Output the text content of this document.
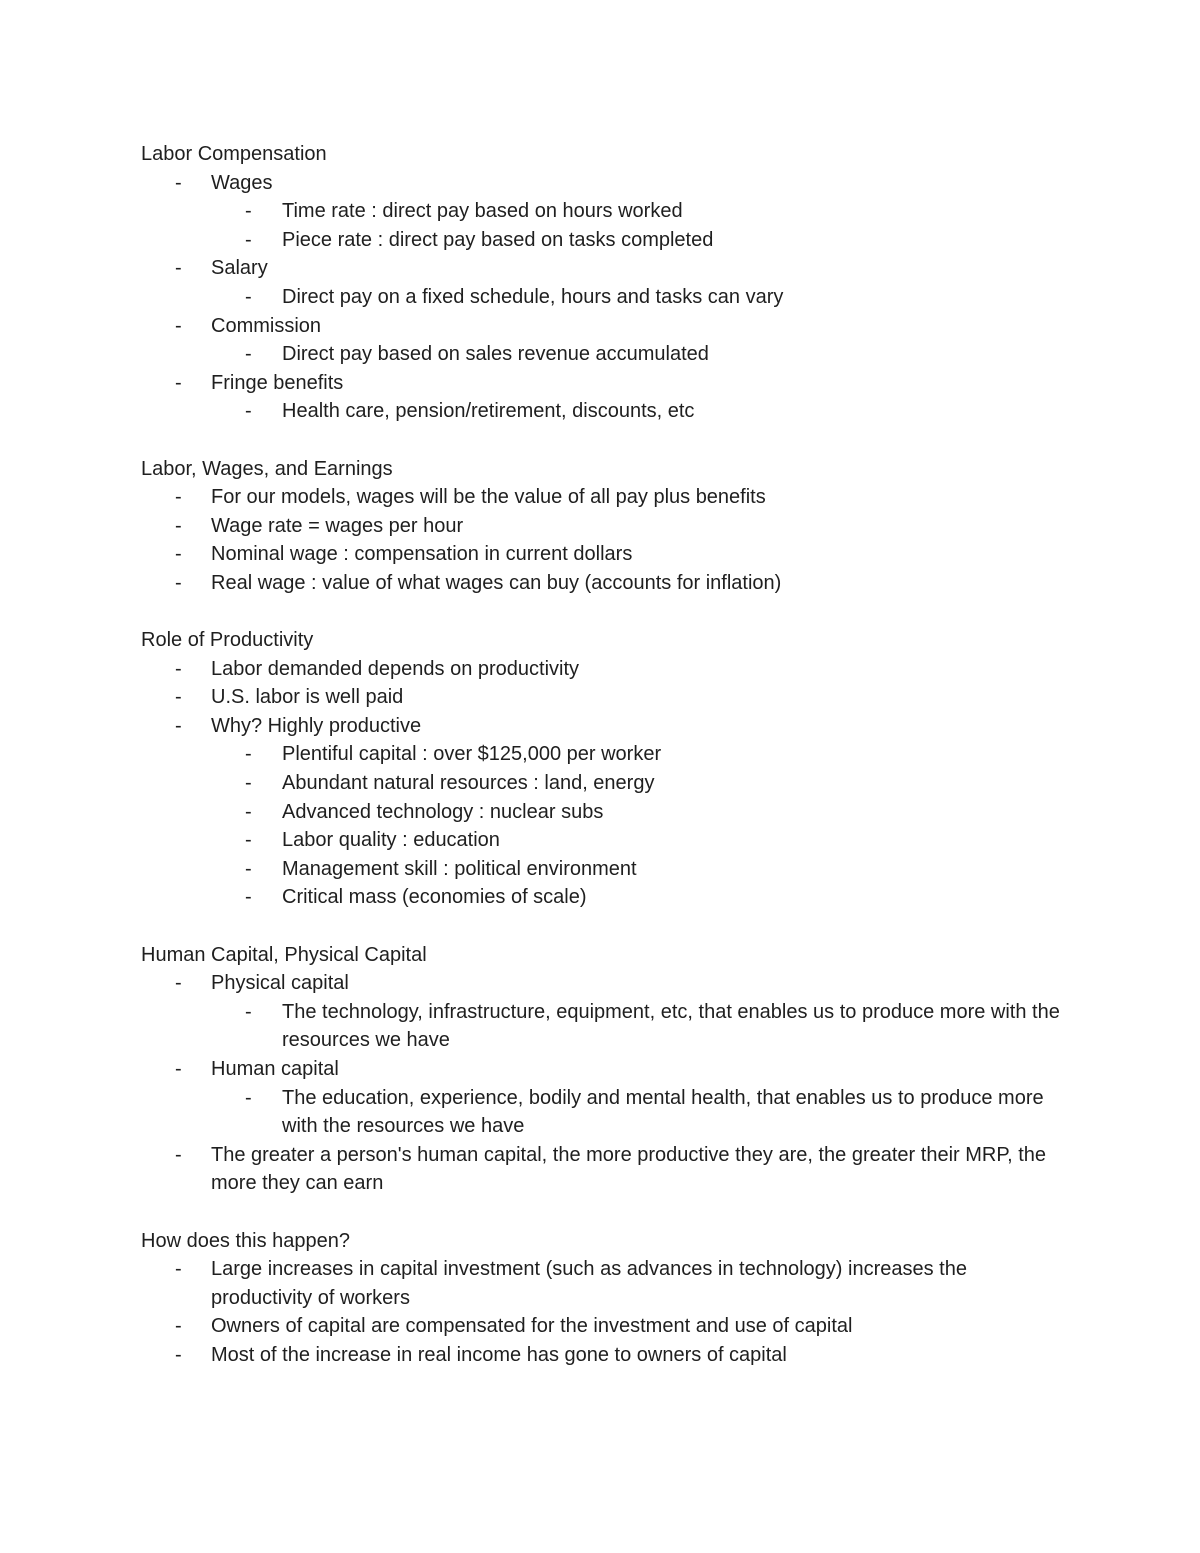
Labor Compensation
- Wages
- Time rate : direct pay based on hours worked
- Piece rate : direct pay based on tasks completed
- Salary
- Direct pay on a fixed schedule, hours and tasks can vary
- Commission
- Direct pay based on sales revenue accumulated
- Fringe benefits
- Health care, pension/retirement, discounts, etc
Labor, Wages, and Earnings
- For our models, wages will be the value of all pay plus benefits
- Wage rate = wages per hour
- Nominal wage : compensation in current dollars
- Real wage : value of what wages can buy (accounts for inflation)
Role of Productivity
- Labor demanded depends on productivity
- U.S. labor is well paid
- Why? Highly productive
- Plentiful capital : over $125,000 per worker
- Abundant natural resources : land, energy
- Advanced technology : nuclear subs
- Labor quality : education
- Management skill : political environment
- Critical mass (economies of scale)
Human Capital, Physical Capital
- Physical capital
- The technology, infrastructure, equipment, etc, that enables us to produce more with the resources we have
- Human capital
- The education, experience, bodily and mental health, that enables us to produce more with the resources we have
- The greater a person's human capital, the more productive they are, the greater their MRP, the more they can earn
How does this happen?
- Large increases in capital investment (such as advances in technology) increases the productivity of workers
- Owners of capital are compensated for the investment and use of capital
- Most of the increase in real income has gone to owners of capital
